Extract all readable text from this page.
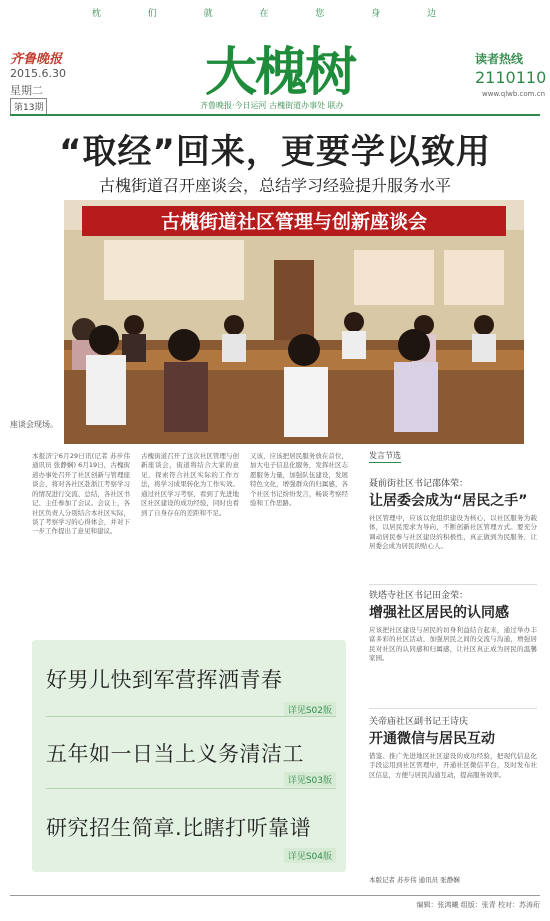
枕 们 就 在 您 身 边
齐鲁晚报
2015.6.30
星期二
第13期
大槐树
齐鲁晚报·今日运河 古槐街道办事处 联办
读者热线
2110110
www.qlwb.com.cn
“取经”回来，更要学以致用
古槐街道召开座谈会，总结学习经验提升服务水平
古槐街道社区管理与创新座谈会
座谈会现场。
本报济宁6月29日讯(记者 苏步伟 通讯员 张静娴) 6月19日，古槐街道办事处召开了社区创新与管理座谈会，将对各社区赴浙江考察学习的情况进行交流、总结，各社区书记、主任参加了会议。会议上，各社区负责人分别结合本社区实际，谈了考察学习的心得体会，并对下一步工作提出了意见和建议。
古槐街道召开了这次社区管理与创新座谈会，街道将结合大家的意见，探索符合社区实际的工作方法，将学习成果转化为工作实效。通过社区学习考察，看到了先进地区社区建设的成功经验，同时也看到了自身存在的差距和不足。
又该，应该把居民服务放在首位，加大电子信息化服务，发挥社区志愿服务力量，加强队伍建设，发展特色文化，增强群众的归属感，各个社区书记纷纷发言，畅谈考察经验和工作思路。
好男儿快到军营挥洒青春
详见S02版
五年如一日当上义务清洁工
详见S03版
研究招生简章.比瞎打听靠谱
详见S04版
发言节选
聂前街社区书记邵体荣：
让居委会成为“居民之手”
社区管理中，应该以党组织建设为核心，以社区服务为载体，以居民需求为导向，不断创新社区管理方式。要充分调动居民参与社区建设的积极性，真正做到为民服务，让居委会成为居民的贴心人。
铁塔寺社区书记田金荣：
增强社区居民的认同感
应该把社区建设与居民的切身利益结合起来，通过举办丰富多彩的社区活动，加强居民之间的交流与沟通，增强居民对社区的认同感和归属感，让社区真正成为居民的温馨家园。
关帝庙社区副书记王诗庆
开通微信与居民互动
借鉴、推广先进地区社区建设的成功经验，把现代信息化手段运用到社区管理中，开通社区微信平台，及时发布社区信息，方便与居民沟通互动，提高服务效率。
本版记者 苏步伟 通讯员 张静娴
编辑：张鸿曦 组版：张青 校对：苏涛珩
